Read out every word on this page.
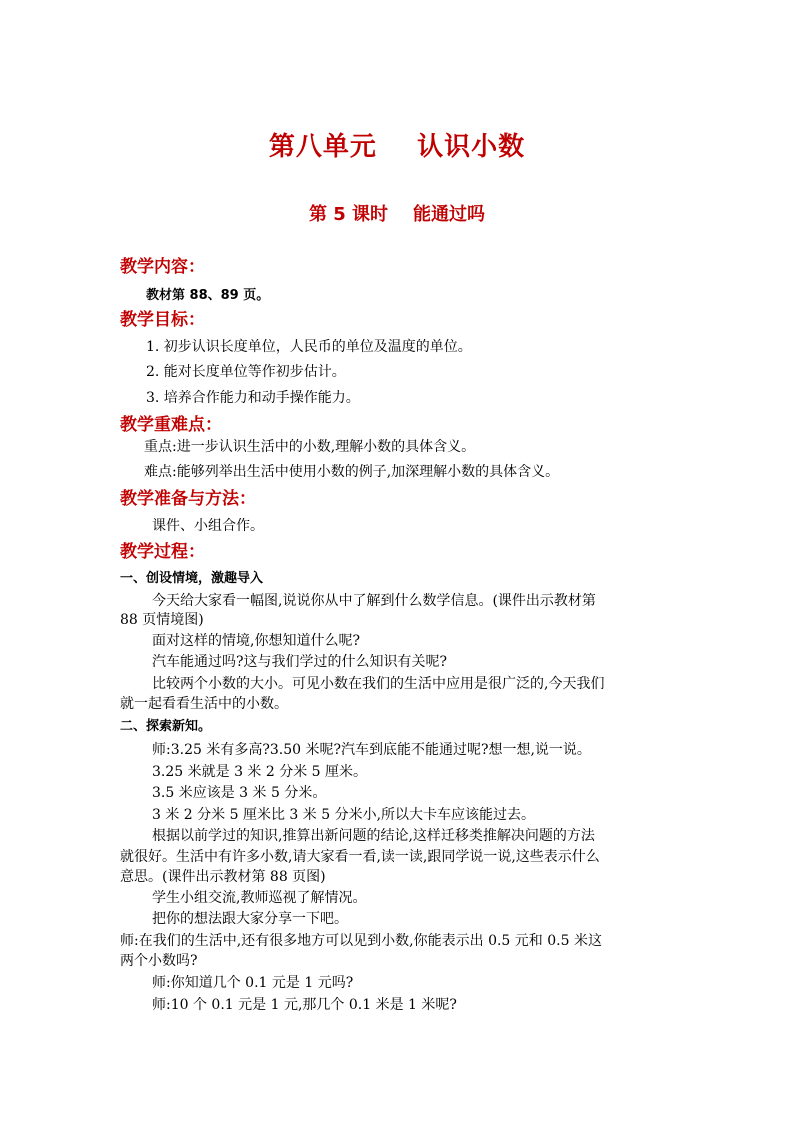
第八单元    认识小数
第 5 课时    能通过吗
教学内容：
教材第 88、89 页。
教学目标：
1. 初步认识长度单位，人民币的单位及温度的单位。
2. 能对长度单位等作初步估计。
3. 培养合作能力和动手操作能力。
教学重难点：
重点:进一步认识生活中的小数,理解小数的具体含义。
难点:能够列举出生活中使用小数的例子,加深理解小数的具体含义。
教学准备与方法：
课件、小组合作。
教学过程：
一、创设情境，激趣导入
今天给大家看一幅图,说说你从中了解到什么数学信息。(课件出示教材第
88 页情境图)
面对这样的情境,你想知道什么呢?
汽车能通过吗?这与我们学过的什么知识有关呢?
比较两个小数的大小。可见小数在我们的生活中应用是很广泛的,今天我们
就一起看看生活中的小数。
二、探索新知。
师:3.25 米有多高?3.50 米呢?汽车到底能不能通过呢?想一想,说一说。
3.25 米就是 3 米 2 分米 5 厘米。
3.5 米应该是 3 米 5 分米。
3 米 2 分米 5 厘米比 3 米 5 分米小,所以大卡车应该能过去。
根据以前学过的知识,推算出新问题的结论,这样迁移类推解决问题的方法
就很好。生活中有许多小数,请大家看一看,读一读,跟同学说一说,这些表示什么
意思。(课件出示教材第 88 页图)
学生小组交流,教师巡视了解情况。
把你的想法跟大家分享一下吧。
师:在我们的生活中,还有很多地方可以见到小数,你能表示出 0.5 元和 0.5 米这
两个小数吗?
师:你知道几个 0.1 元是 1 元吗?
师:10 个 0.1 元是 1 元,那几个 0.1 米是 1 米呢?
